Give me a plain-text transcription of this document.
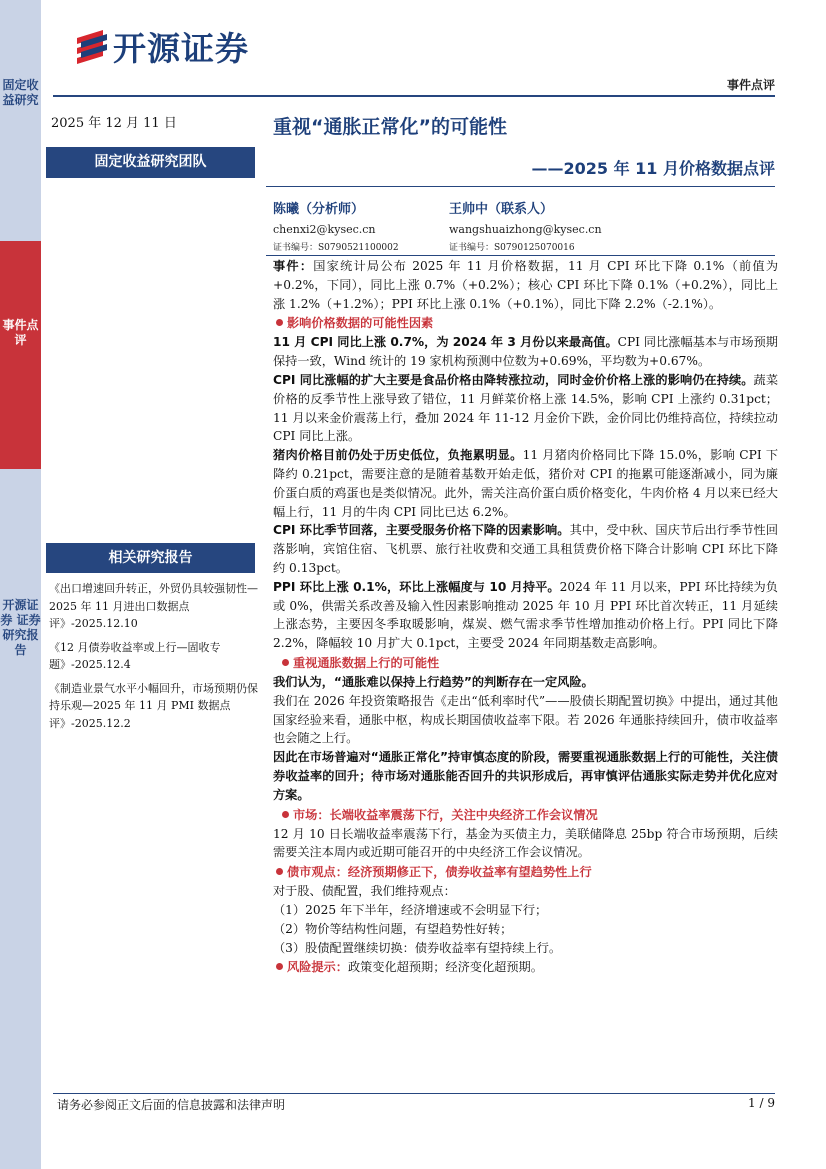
固定收益研究
事件点评
开源证券 证券研究报告
开源证券
事件点评
2025 年 12 月 11 日
固定收益研究团队
重视“通胀正常化”的可能性
——2025 年 11 月价格数据点评
陈曦（分析师）
chenxi2@kysec.cn
证书编号：S0790521100002
王帅中（联系人）
wangshuaizhong@kysec.cn
证书编号：S0790125070016

事件：国家统计局公布 2025 年 11 月价格数据，11 月 CPI 环比下降 0.1%（前值为+0.2%，下同），同比上涨 0.7%（+0.2%）；核心 CPI 环比下降 0.1%（+0.2%），同比上涨 1.2%（+1.2%）；PPI 环比上涨 0.1%（+0.1%），同比下降 2.2%（-2.1%）。

影响价格数据的可能性因素

11 月 CPI 同比上涨 0.7%，为 2024 年 3 月份以来最高值。CPI 同比涨幅基本与市场预期保持一致，Wind 统计的 19 家机构预测中位数为+0.69%，平均数为+0.67%。

CPI 同比涨幅的扩大主要是食品价格由降转涨拉动，同时金价价格上涨的影响仍在持续。蔬菜价格的反季节性上涨导致了错位，11 月鲜菜价格上涨 14.5%，影响 CPI 上涨约 0.31pct；11 月以来金价震荡上行，叠加 2024 年 11-12 月金价下跌，金价同比仍维持高位，持续拉动 CPI 同比上涨。

猪肉价格目前仍处于历史低位，负拖累明显。11 月猪肉价格同比下降 15.0%，影响 CPI 下降约 0.21pct，需要注意的是随着基数开始走低，猪价对 CPI 的拖累可能逐渐减小，同为廉价蛋白质的鸡蛋也是类似情况。此外，需关注高价蛋白质价格变化，牛肉价格 4 月以来已经大幅上行，11 月的牛肉 CPI 同比已达 6.2%。

CPI 环比季节回落，主要受服务价格下降的因素影响。其中，受中秋、国庆节后出行季节性回落影响，宾馆住宿、飞机票、旅行社收费和交通工具租赁费价格下降合计影响 CPI 环比下降约 0.13pct。

PPI 环比上涨 0.1%，环比上涨幅度与 10 月持平。2024 年 11 月以来，PPI 环比持续为负或 0%，供需关系改善及输入性因素影响推动 2025 年 10 月 PPI 环比首次转正，11 月延续上涨态势，主要因冬季取暖影响，煤炭、燃气需求季节性增加推动价格上行。PPI 同比下降 2.2%，降幅较 10 月扩大 0.1pct，主要受 2024 年同期基数走高影响。

重视通胀数据上行的可能性

我们认为，“通胀难以保持上行趋势”的判断存在一定风险。

我们在 2026 年投资策略报告《走出“低利率时代”——股债长期配置切换》中提出，通过其他国家经验来看，通胀中枢，构成长期国债收益率下限。若 2026 年通胀持续回升，债市收益率也会随之上行。

因此在市场普遍对“通胀正常化”持审慎态度的阶段，需要重视通胀数据上行的可能性，关注债券收益率的回升；待市场对通胀能否回升的共识形成后，再审慎评估通胀实际走势并优化应对方案。

市场：长端收益率震荡下行，关注中央经济工作会议情况

12 月 10 日长端收益率震荡下行，基金为买债主力，美联储降息 25bp 符合市场预期，后续需要关注本周内或近期可能召开的中央经济工作会议情况。

债市观点：经济预期修正下，债券收益率有望趋势性上行

对于股、债配置，我们维持观点：

（1）2025 年下半年，经济增速或不会明显下行；

（2）物价等结构性问题，有望趋势性好转；

（3）股债配置继续切换：债券收益率有望持续上行。

风险提示：政策变化超预期；经济变化超预期。

相关研究报告

《出口增速回升转正，外贸仍具较强韧性—2025 年 11 月进出口数据点评》-2025.12.10

《12 月债券收益率或上行—固收专题》-2025.12.4

《制造业景气水平小幅回升，市场预期仍保持乐观—2025 年 11 月 PMI 数据点评》-2025.12.2

请务必参阅正文后面的信息披露和法律声明	1 / 9
